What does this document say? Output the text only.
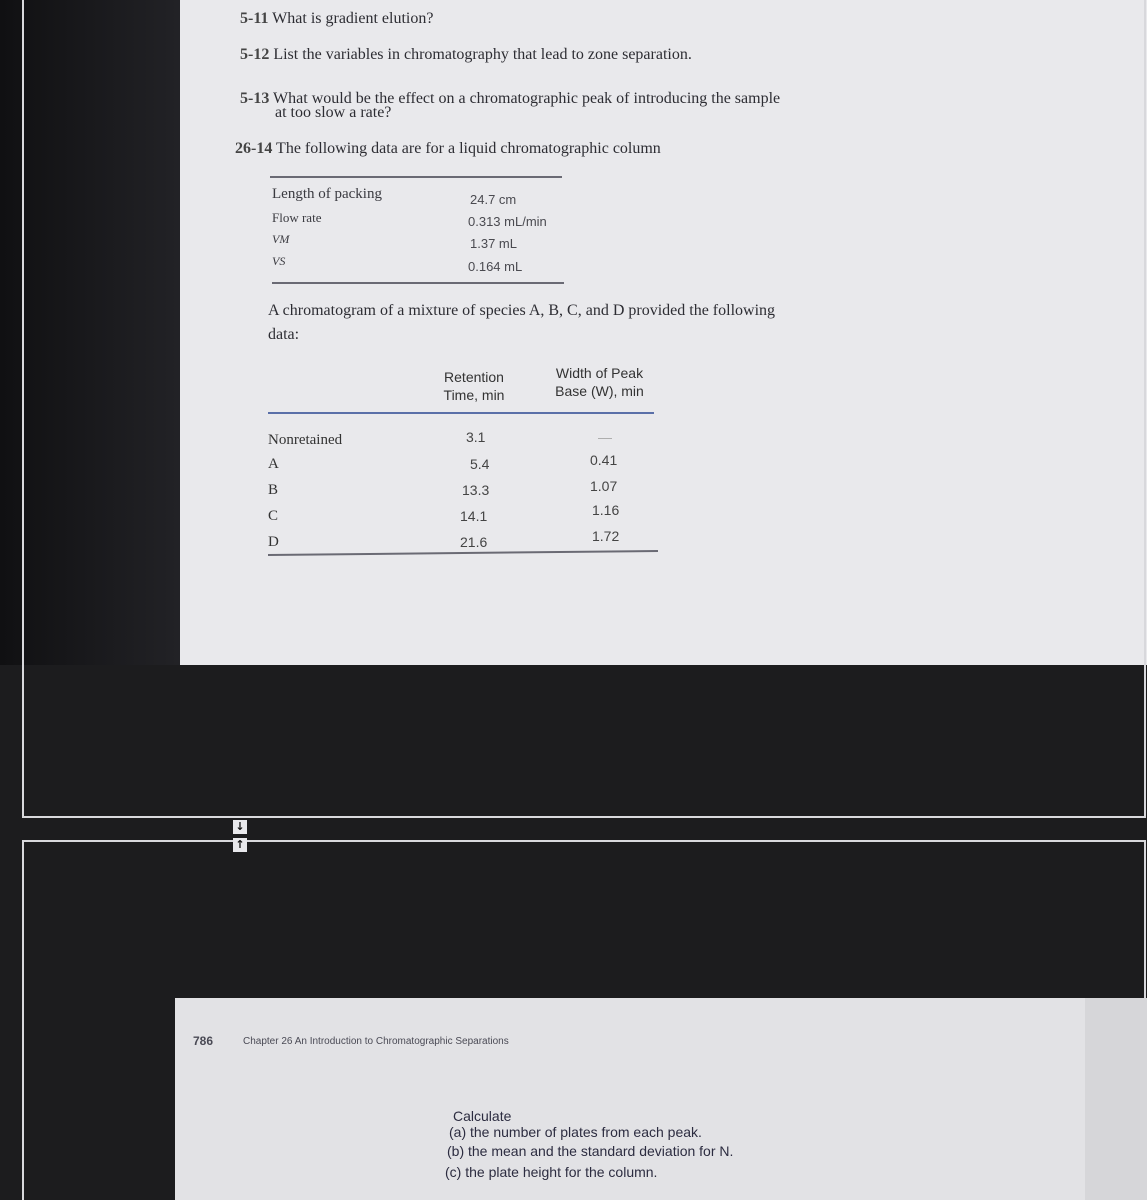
5-11 What is gradient elution?
5-12 List the variables in chromatography that lead to zone separation.
5-13 What would be the effect on a chromatographic peak of introducing the sample
at too slow a rate?
26-14 The following data are for a liquid chromatographic column
Length of packing	24.7 cm
Flow rate	0.313 mL/min
VM	1.37 mL
VS	0.164 mL
A chromatogram of a mixture of species A, B, C, and D provided the following
data:
Retention
Time, min
Width of Peak
Base (W), min
Nonretained	3.1	—
A	5.4	0.41
B	13.3	1.07
C	14.1	1.16
D	21.6	1.72
↓
↑
786	Chapter 26 An Introduction to Chromatographic Separations
Calculate
(a) the number of plates from each peak.
(b) the mean and the standard deviation for N.
(c) the plate height for the column.
